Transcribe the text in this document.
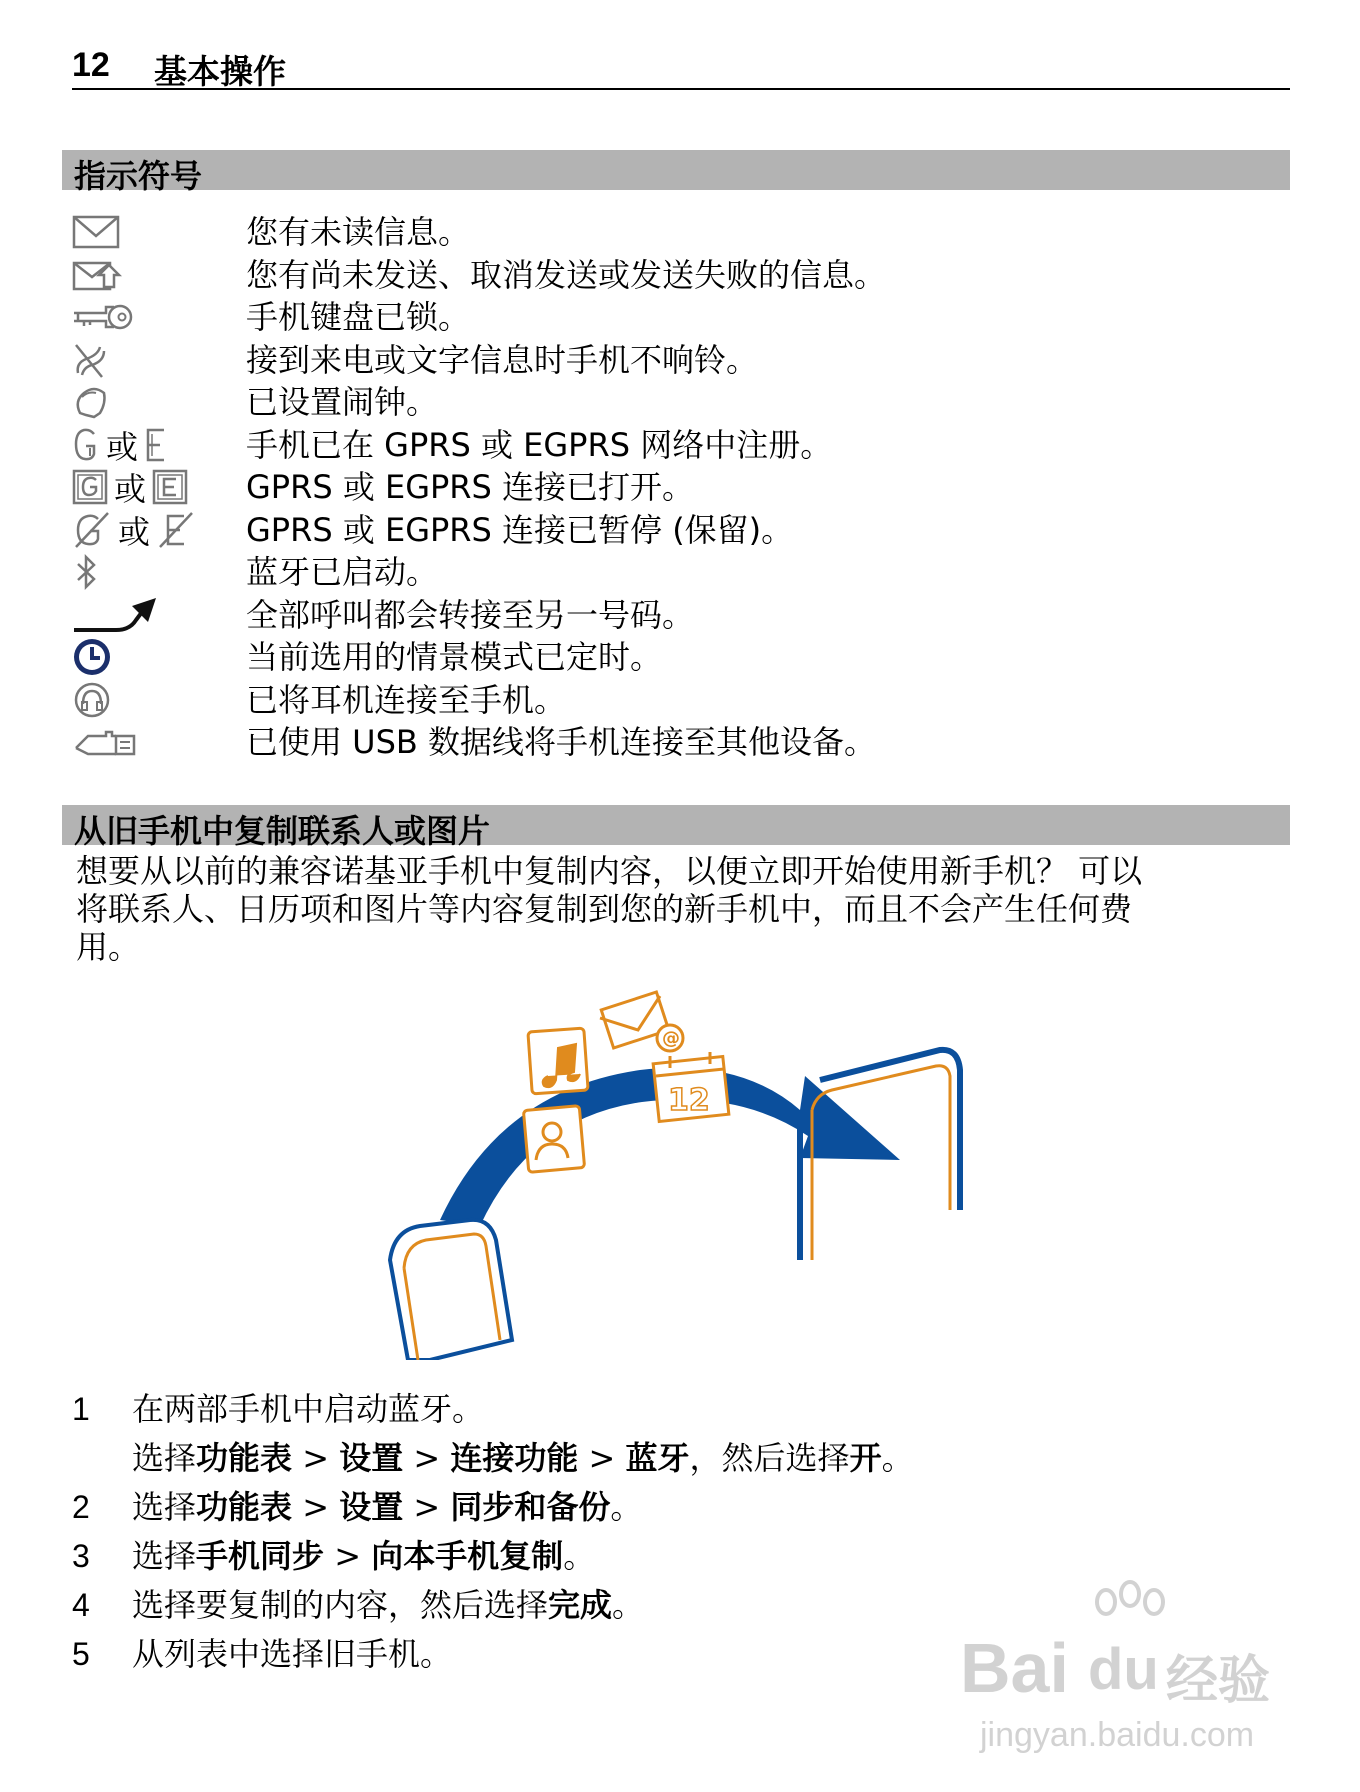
12 基本操作
指示符号
您有未读信息。
您有尚未发送、取消发送或发送失败的信息。
手机键盘已锁。
接到来电或文字信息时手机不响铃。
已设置闹钟。
或	手机已在 GPRS 或 EGPRS 网络中注册。
或	GPRS 或 EGPRS 连接已打开。
或	GPRS 或 EGPRS 连接已暂停 (保留)。
蓝牙已启动。
全部呼叫都会转接至另一号码。
当前选用的情景模式已定时。
已将耳机连接至手机。
已使用 USB 数据线将手机连接至其他设备。
从旧手机中复制联系人或图片
想要从以前的兼容诺基亚手机中复制内容，以便立即开始使用新手机？ 可以
将联系人、日历项和图片等内容复制到您的新手机中，而且不会产生任何费
用。
@
12
1 在两部手机中启动蓝牙。
选择功能表 > 设置 > 连接功能 > 蓝牙，然后选择开。
2 选择功能表 > 设置 > 同步和备份。
3 选择手机同步 > 向本手机复制。
4 选择要复制的内容，然后选择完成。
5 从列表中选择旧手机。	Bai du 经验
jingyan.baidu.com
